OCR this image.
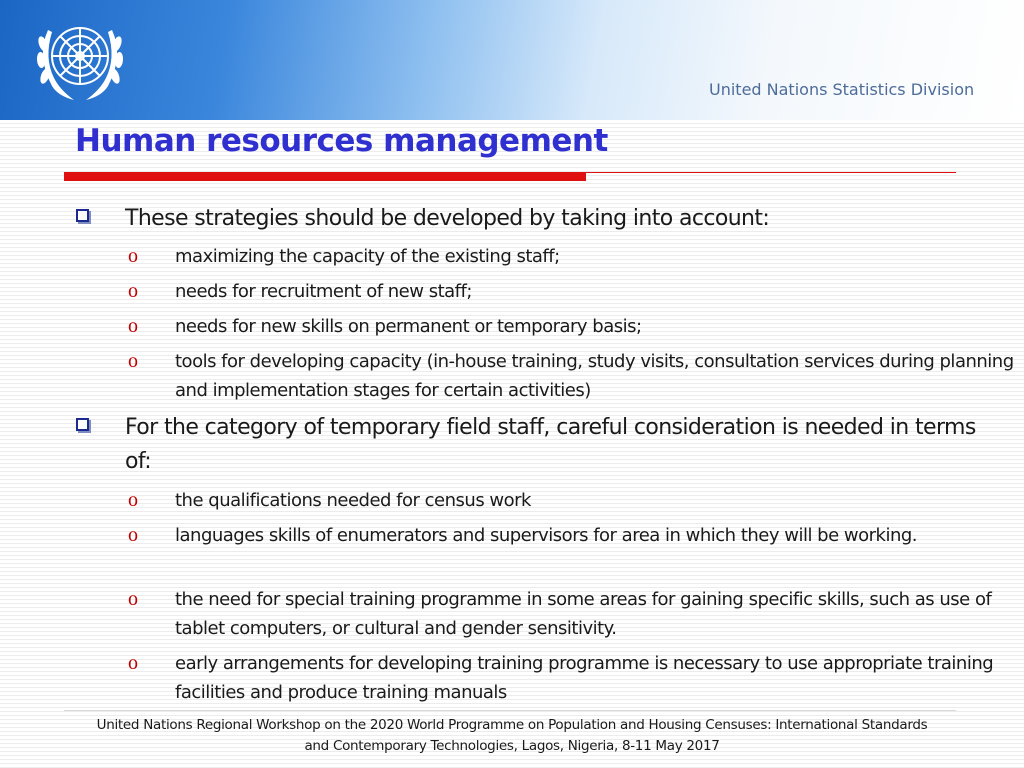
United Nations Statistics Division
Human resources management
These strategies should be developed by taking into account:
o	maximizing the capacity of the existing staff;
o	needs for recruitment of new staff;
o	needs for new skills on permanent or temporary basis;
o	tools for developing capacity (in-house training, study visits, consultation services during planning and implementation stages for certain activities)
For the category of temporary field staff, careful consideration is needed in terms of:
o	the qualifications needed for census work
o	languages skills of enumerators and supervisors for area in which they will be working.
o	the need for special training programme in some areas for gaining specific skills, such as use of tablet computers, or cultural and gender sensitivity.
o	early arrangements for developing training programme is necessary to use appropriate training facilities and produce training manuals
United Nations Regional Workshop on the 2020 World Programme on Population and Housing Censuses: International Standards
and Contemporary Technologies, Lagos, Nigeria, 8-11 May 2017
